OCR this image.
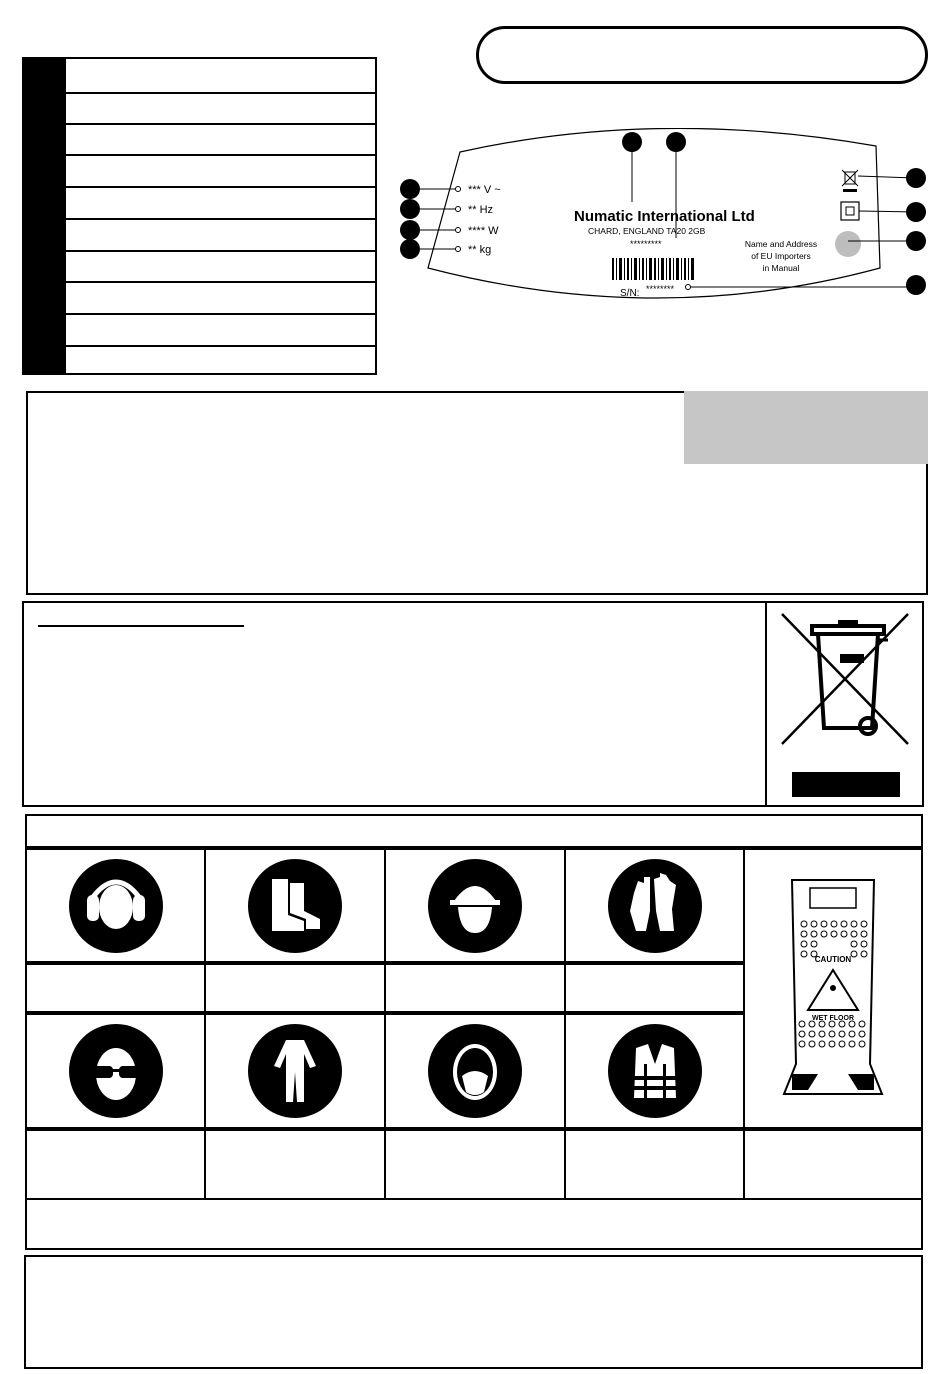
*** V ~
** Hz
**** W
** kg
Numatic International Ltd
CHARD, ENGLAND TA20 2GB
*********
S/N: ********
Name and Address
of EU Importers
in Manual
CAUTION
WET FLOOR
